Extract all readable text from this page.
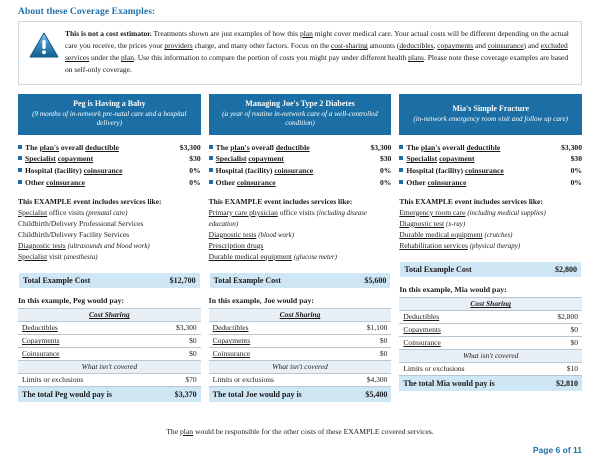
About these Coverage Examples:
This is not a cost estimator. Treatments shown are just examples of how this plan might cover medical care. Your actual costs will be different depending on the actual care you receive, the prices your providers charge, and many other factors. Focus on the cost-sharing amounts (deductibles, copayments and coinsurance) and excluded services under the plan. Use this information to compare the portion of costs you might pay under different health plans. Please note these coverage examples are based on self-only coverage.
Peg is Having a Baby
(9 months of in-network pre-natal care and a hospital delivery)
The plan's overall deductible	$3,300
Specialist copayment	$30
Hospital (facility) coinsurance	0%
Other coinsurance	0%
This EXAMPLE event includes services like:
Specialist office visits (prenatal care)
Childbirth/Delivery Professional Services
Childbirth/Delivery Facility Services
Diagnostic tests (ultrasounds and blood work)
Specialist visit (anesthesia)
Total Example Cost	$12,700
In this example, Peg would pay:
Cost Sharing	
Deductibles	$3,300
Copayments	$0
Coinsurance	$0
What isn't covered	
Limits or exclusions	$70
The total Peg would pay is	$3,370
Managing Joe's Type 2 Diabetes
(a year of routine in-network care of a well-controlled condition)
The plan's overall deductible	$3,300
Specialist copayment	$30
Hospital (facility) coinsurance	0%
Other coinsurance	0%
This EXAMPLE event includes services like:
Primary care physician office visits (including disease education)
Diagnostic tests (blood work)
Prescription drugs
Durable medical equipment (glucose meter)
Total Example Cost	$5,600
In this example, Joe would pay:
Cost Sharing	
Deductibles	$1,100
Copayments	$0
Coinsurance	$0
What isn't covered	
Limits or exclusions	$4,300
The total Joe would pay is	$5,400
Mia's Simple Fracture
(in-network emergency room visit and follow up care)
The plan's overall deductible	$3,300
Specialist copayment	$30
Hospital (facility) coinsurance	0%
Other coinsurance	0%
This EXAMPLE event includes services like:
Emergency room care (including medical supplies)
Diagnostic test (x-ray)
Durable medical equipment (crutches)
Rehabilitation services (physical therapy)
Total Example Cost	$2,800
In this example, Mia would pay:
Cost Sharing	
Deductibles	$2,800
Copayments	$0
Coinsurance	$0
What isn't covered	
Limits or exclusions	$10
The total Mia would pay is	$2,810
The plan would be responsible for the other costs of these EXAMPLE covered services.
Page 6 of 11
